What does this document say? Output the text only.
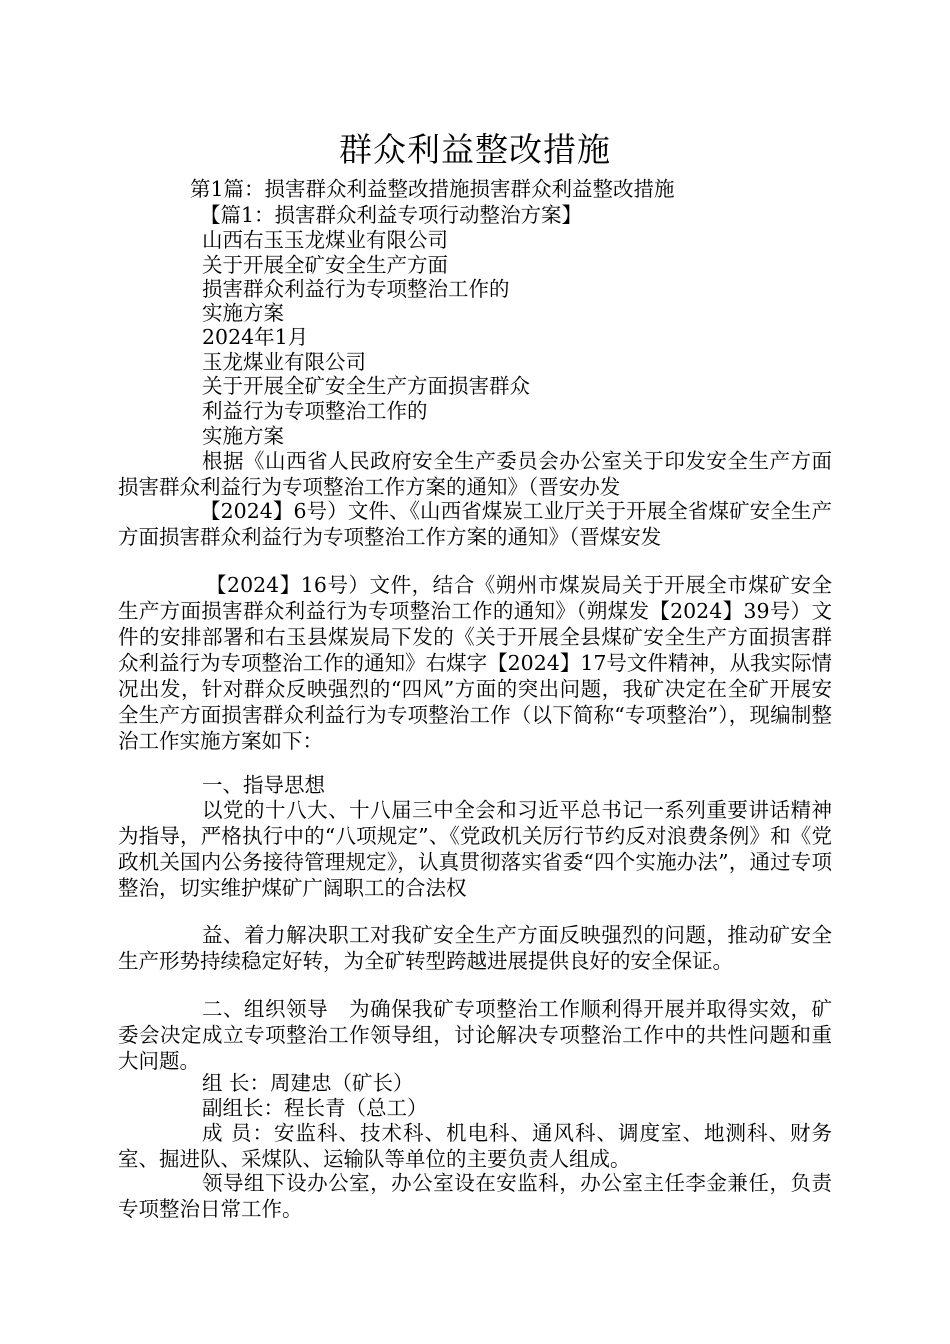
群众利益整改措施
第1篇：损害群众利益整改措施损害群众利益整改措施
【篇1：损害群众利益专项行动整治方案】
山西右玉玉龙煤业有限公司
关于开展全矿安全生产方面
损害群众利益行为专项整治工作的
实施方案
2024年1月
玉龙煤业有限公司
关于开展全矿安全生产方面损害群众
利益行为专项整治工作的
实施方案

根据《山西省人民政府安全生产委员会办公室关于印发安全生产方面损害群众利益行为专项整治工作方案的通知》（晋安办发

【2024】6号）文件、《山西省煤炭工业厅关于开展全省煤矿安全生产方面损害群众利益行为专项整治工作方案的通知》（晋煤安发

【2024】16号）文件，结合《朔州市煤炭局关于开展全市煤矿安全生产方面损害群众利益行为专项整治工作的通知》（朔煤发【2024】39号）文件的安排部署和右玉县煤炭局下发的《关于开展全县煤矿安全生产方面损害群众利益行为专项整治工作的通知》右煤字【2024】17号文件精神，从我实际情况出发，针对群众反映强烈的“四风”方面的突出问题，我矿决定在全矿开展安全生产方面损害群众利益行为专项整治工作（以下简称“专项整治”），现编制整治工作实施方案如下：

一、指导思想

以党的十八大、十八届三中全会和习近平总书记一系列重要讲话精神为指导，严格执行中的“八项规定”、《党政机关厉行节约反对浪费条例》和《党政机关国内公务接待管理规定》，认真贯彻落实省委“四个实施办法”，通过专项整治，切实维护煤矿广阔职工的合法权

益、着力解决职工对我矿安全生产方面反映强烈的问题，推动矿安全生产形势持续稳定好转，为全矿转型跨越进展提供良好的安全保证。

二、组织领导　为确保我矿专项整治工作顺利得开展并取得实效，矿委会决定成立专项整治工作领导组，讨论解决专项整治工作中的共性问题和重大问题。

组 长：周建忠（矿长）
副组长：程长青（总工）

成 员：安监科、技术科、机电科、通风科、调度室、地测科、财务室、掘进队、采煤队、运输队等单位的主要负责人组成。

领导组下设办公室，办公室设在安监科，办公室主任李金兼任，负责专项整治日常工作。
